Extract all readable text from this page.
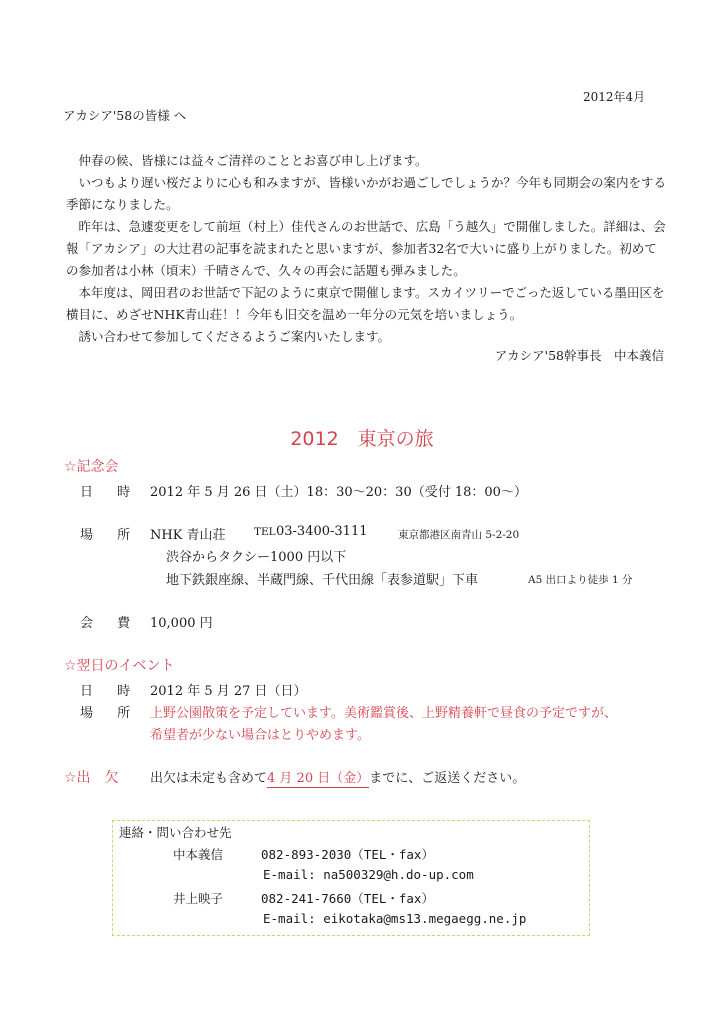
2012年4月
アカシア'58の皆様 へ

　仲春の候、皆様には益々ご清祥のこととお喜び申し上げます。

　いつもより遅い桜だよりに心も和みますが、皆様いかがお過ごしでしょうか？今年も同期会の案内をする季節になりました。

　昨年は、急遽変更をして前垣（村上）佳代さんのお世話で、広島「う越久」で開催しました。詳細は、会報「アカシア」の大辻君の記事を読まれたと思いますが、参加者32名で大いに盛り上がりました。初めての参加者は小林（頃末）千晴さんで、久々の再会に話題も弾みました。

　本年度は、岡田君のお世話で下記のように東京で開催します。スカイツリーでごった返している墨田区を横目に、めざせNHK青山荘！！今年も旧交を温め一年分の元気を培いましょう。

　誘い合わせて参加してくださるようご案内いたします。

アカシア'58幹事長　中本義信
2012　東京の旅
☆記念会
日 時 2012 年 5 月 26 日（土）18：30〜20：30（受付 18：00〜）
場 所 NHK 青山荘	TEL 03-3400-3111	東京都港区南青山 5-2-20
渋谷からタクシー1000 円以下
地下鉄銀座線、半蔵門線、千代田線「表参道駅」下車	A5 出口より徒歩 1 分
会 費 10,000 円
☆翌日のイベント
日 時 2012 年 5 月 27 日（日）
場 所 上野公園散策を予定しています。美術鑑賞後、上野精養軒で昼食の予定ですが、
希望者が少ない場合はとりやめます。
☆出　欠 出欠は未定も含めて4 月 20 日（金）までに、ご返送ください。
連絡・問い合わせ先
中本義信	082-893-2030（TEL・fax）
E-mail: na500329@h.do-up.com
井上映子	082-241-7660（TEL・fax）
E-mail: eikotaka@ms13.megaegg.ne.jp
